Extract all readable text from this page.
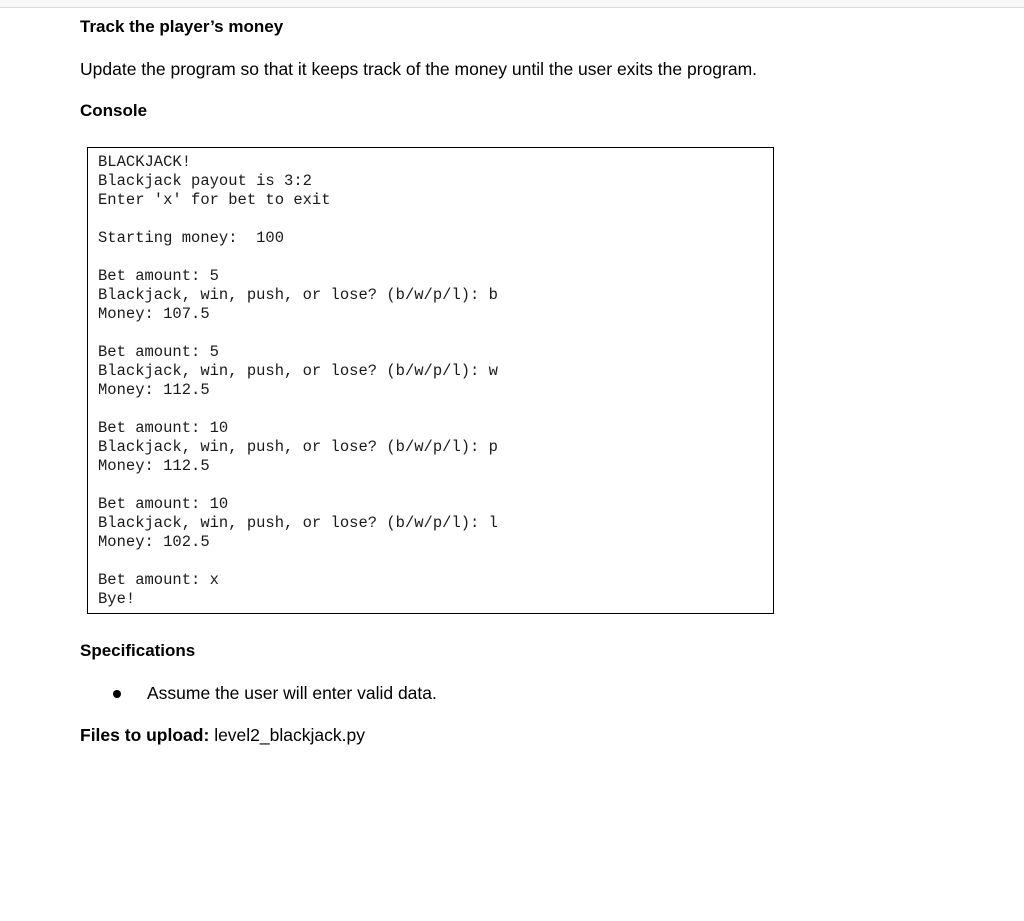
Track the player’s money
Update the program so that it keeps track of the money until the user exits the program.
Console
BLACKJACK!
Blackjack payout is 3:2
Enter 'x' for bet to exit
Starting money:  100
Bet amount: 5
Blackjack, win, push, or lose? (b/w/p/l): b
Money: 107.5
Bet amount: 5
Blackjack, win, push, or lose? (b/w/p/l): w
Money: 112.5
Bet amount: 10
Blackjack, win, push, or lose? (b/w/p/l): p
Money: 112.5
Bet amount: 10
Blackjack, win, push, or lose? (b/w/p/l): l
Money: 102.5
Bet amount: x
Bye!
Specifications
Assume the user will enter valid data.
Files to upload: level2_blackjack.py
